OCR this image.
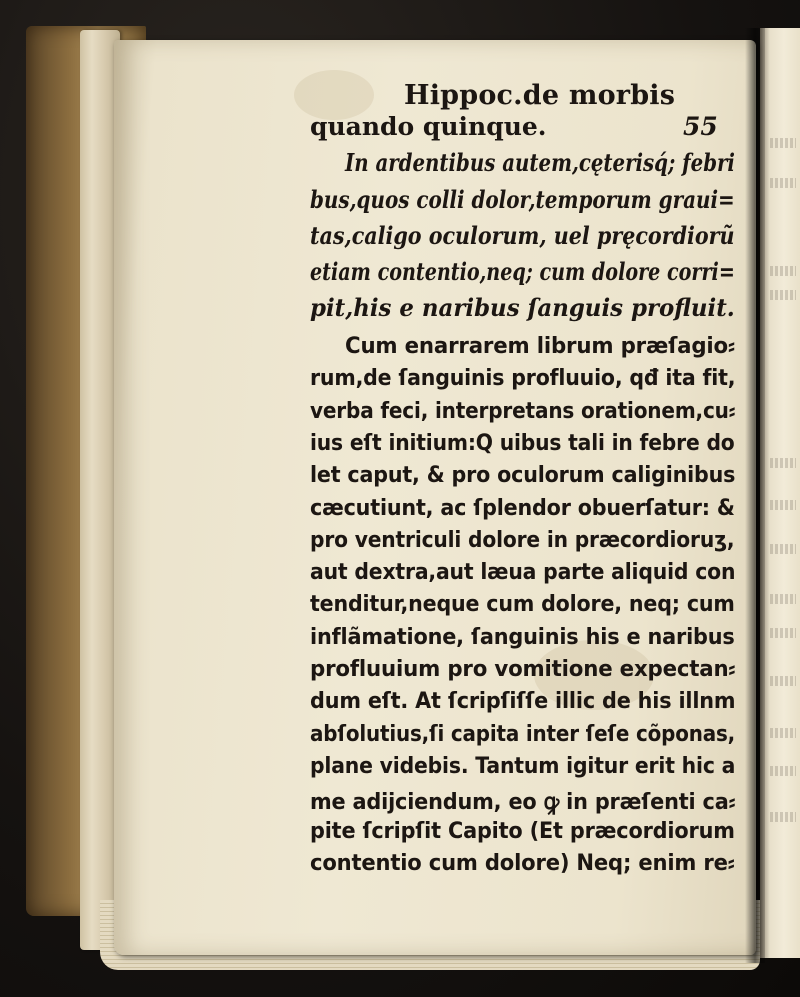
Hippoc.de morbis
quando quinque.	55
In ardentibus autem,cęterisq́; febri
bus,quos colli dolor,temporum graui=
tas,caligo oculorum, uel pręcordiorũ
etiam contentio,neq; cum dolore corri=
pit,his e naribus ſanguis profluit.
Cum enarrarem librum præſagio⸗
rum,de ſanguinis profluuio, qđ ita fit,
verba feci, interpretans orationem,cu⸗
ius eſt initium:Q uibus tali in febre do
let caput, & pro oculorum caliginibus
cæcutiunt, ac ſplendor obuerſatur: &
pro ventriculi dolore in præcordioruʒ,
aut dextra,aut læua parte aliquid con
tenditur,neque cum dolore, neq; cum
inflãmatione, ſanguinis his e naribus
profluuium pro vomitione expectan⸗
dum eſt. At ſcripſiſſe illic de his illnm
abſolutius,ſi capita inter ſeſe cõponas,
plane videbis. Tantum igitur erit hic a
me adijciendum, eo ꝙ in præſenti ca⸗
pite ſcripſit Capito (Et præcordiorum
contentio cum dolore) Neq; enim re⸗
